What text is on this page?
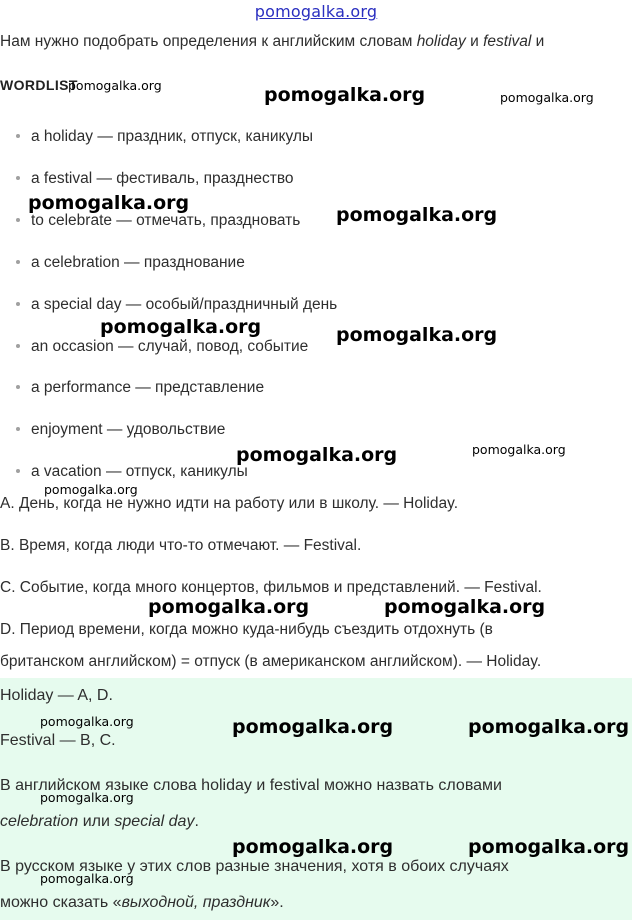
pomogalka.org
Нам нужно подобрать определения к английским словам holiday и festival и
WORDLIST
a holiday — праздник, отпуск, каникулы
a festival — фестиваль, празднество
to celebrate — отмечать, праздновать
a celebration — празднование
a special day — особый/праздничный день
an occasion — случай, повод, событие
a performance — представление
enjoyment — удовольствие
a vacation — отпуск, каникулы
A. День, когда не нужно идти на работу или в школу. — Holiday.
B. Время, когда люди что-то отмечают. — Festival.
C. Событие, когда много концертов, фильмов и представлений. — Festival.
D. Период времени, когда можно куда-нибудь съездить отдохнуть (в
британском английском) = отпуск (в американском английском). — Holiday.
Holiday — A, D.
Festival — B, C.
В английском языке слова holiday и festival можно назвать словами
celebration или special day.
В русском языке у этих слов разные значения, хотя в обоих случаях
можно сказать «выходной, праздник».
pomogalka.org	pomogalka.org	pomogalka.org
pomogalka.org
pomogalka.org
pomogalka.org	pomogalka.org
pomogalka.org	pomogalka.org
pomogalka.org
pomogalka.org	pomogalka.org
pomogalka.org	pomogalka.org	pomogalka.org
pomogalka.org
pomogalka.org	pomogalka.org
pomogalka.org
